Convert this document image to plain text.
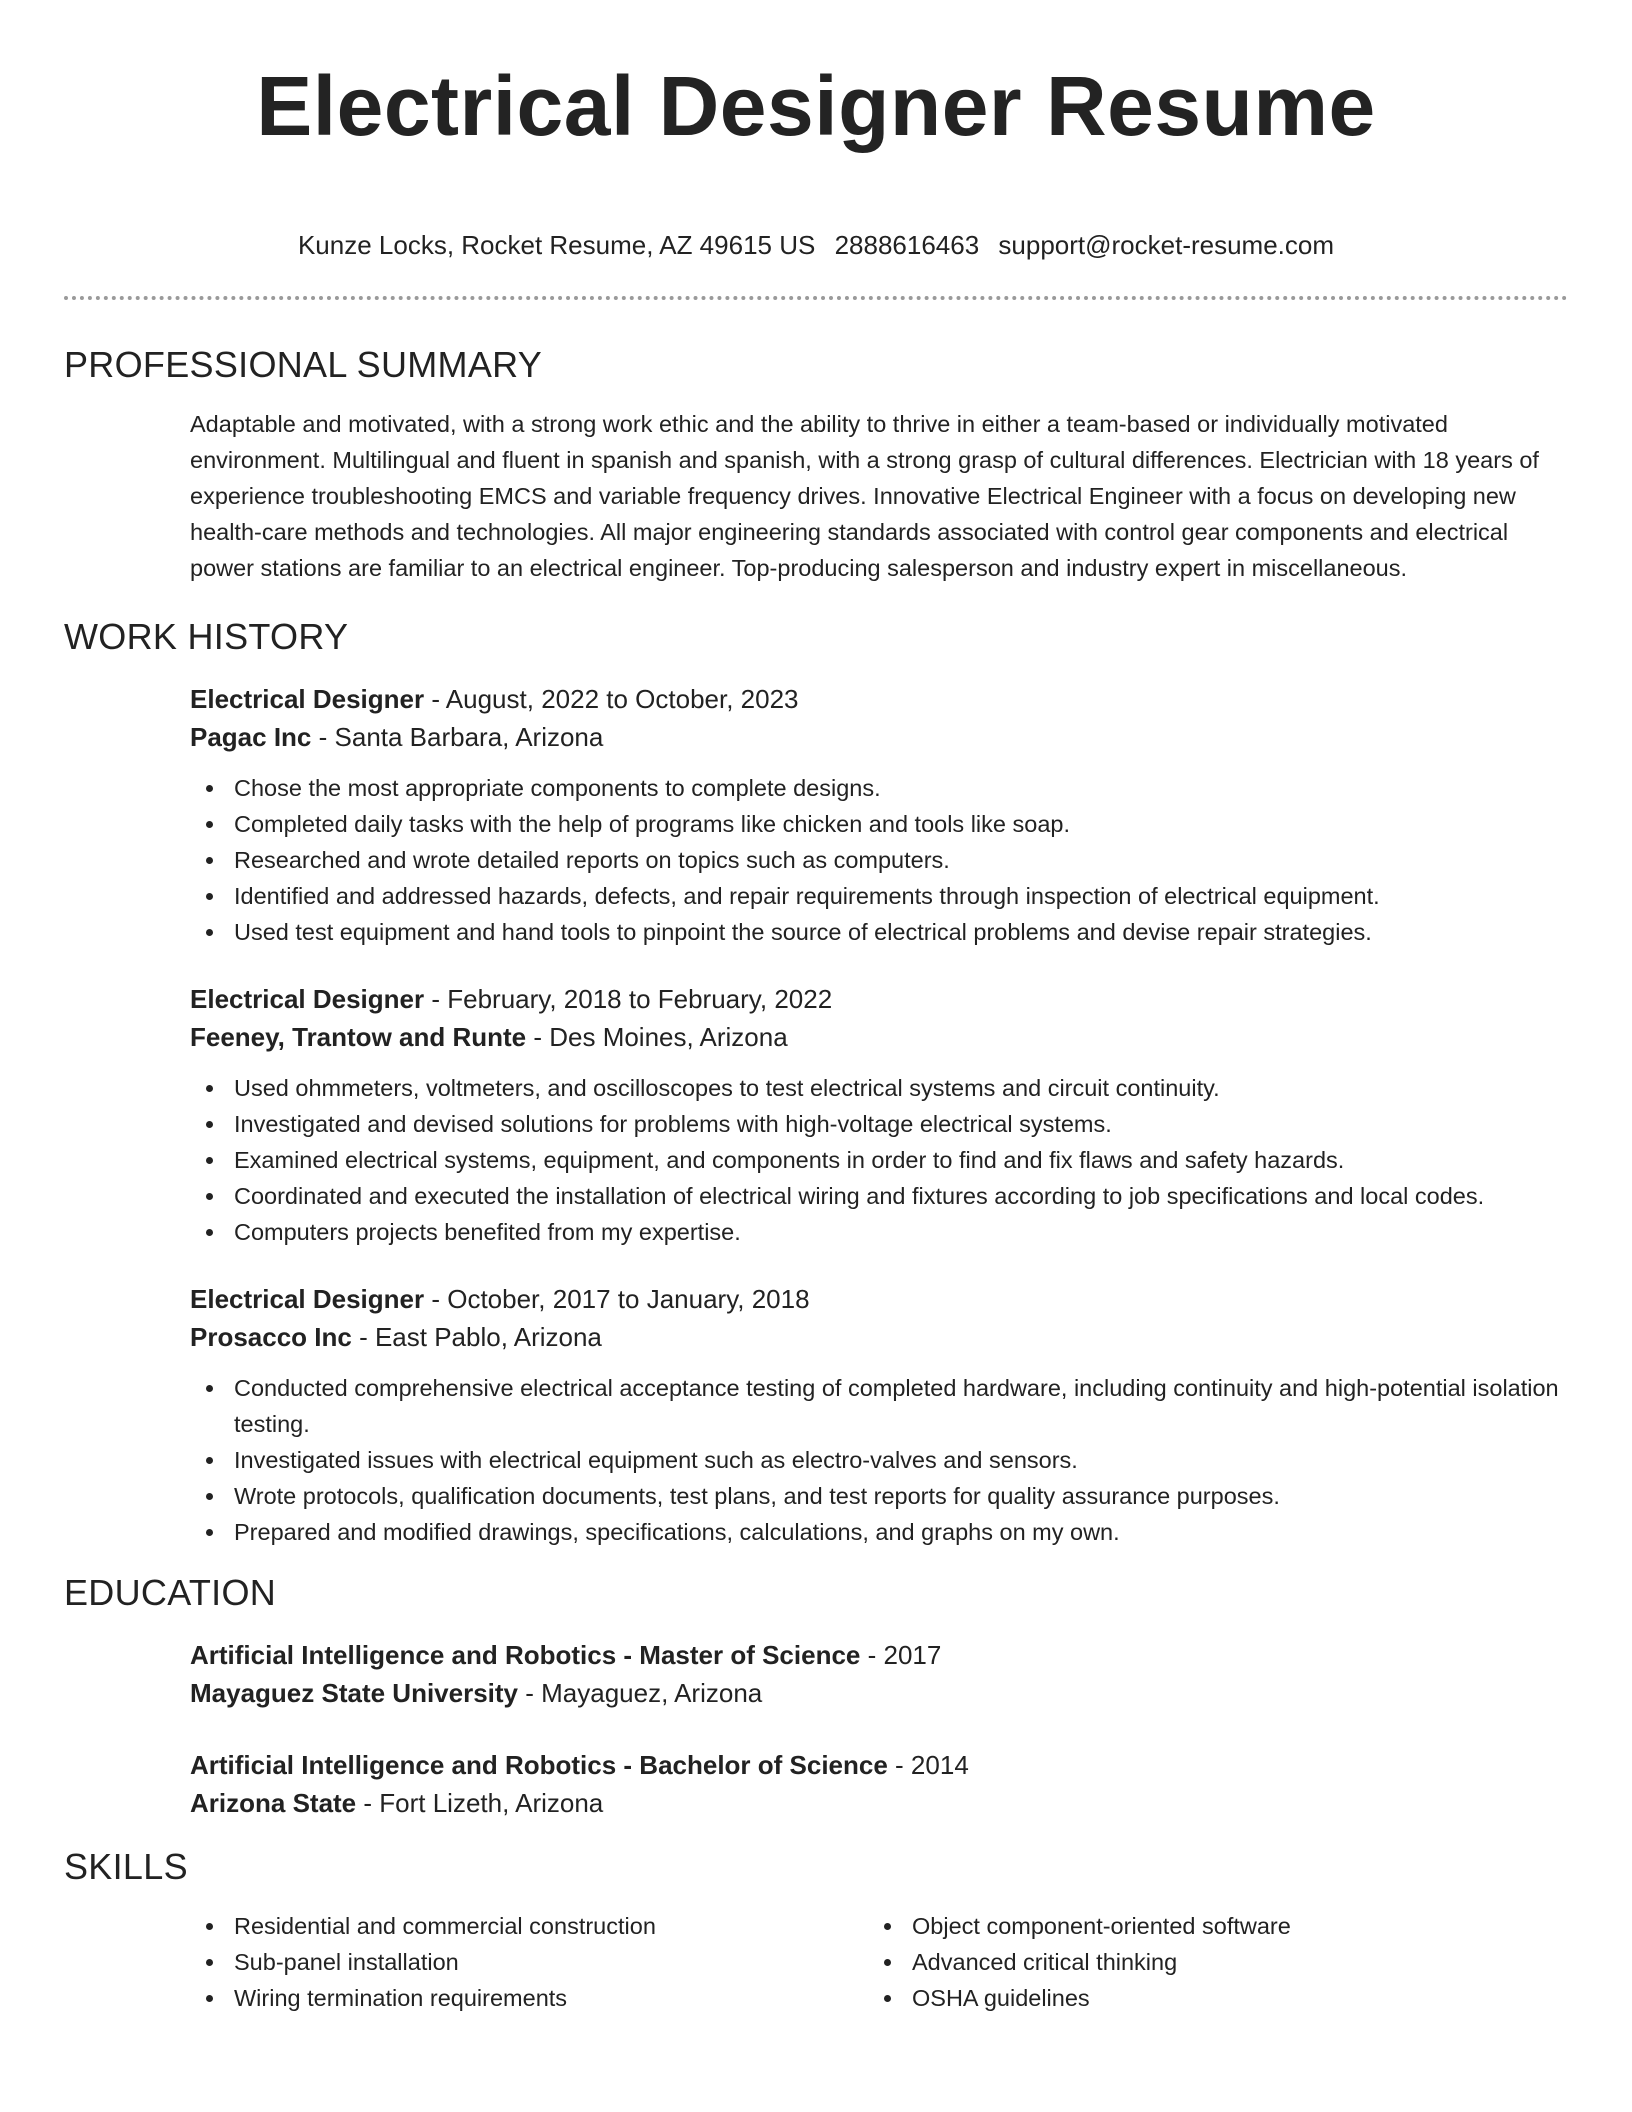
Electrical Designer Resume
Kunze Locks, Rocket Resume, AZ 49615 US 2888616463 support@rocket-resume.com
PROFESSIONAL SUMMARY

Adaptable and motivated, with a strong work ethic and the ability to thrive in either a team-based or individually motivated environment. Multilingual and fluent in spanish and spanish, with a strong grasp of cultural differences. Electrician with 18 years of experience troubleshooting EMCS and variable frequency drives. Innovative Electrical Engineer with a focus on developing new health-care methods and technologies. All major engineering standards associated with control gear components and electrical power stations are familiar to an electrical engineer. Top-producing salesperson and industry expert in miscellaneous.

WORK HISTORY
Electrical Designer - August, 2022 to October, 2023
Pagac Inc - Santa Barbara, Arizona
Chose the most appropriate components to complete designs.
Completed daily tasks with the help of programs like chicken and tools like soap.
Researched and wrote detailed reports on topics such as computers.
Identified and addressed hazards, defects, and repair requirements through inspection of electrical equipment.
Used test equipment and hand tools to pinpoint the source of electrical problems and devise repair strategies.
Electrical Designer - February, 2018 to February, 2022
Feeney, Trantow and Runte - Des Moines, Arizona
Used ohmmeters, voltmeters, and oscilloscopes to test electrical systems and circuit continuity.
Investigated and devised solutions for problems with high-voltage electrical systems.
Examined electrical systems, equipment, and components in order to find and fix flaws and safety hazards.
Coordinated and executed the installation of electrical wiring and fixtures according to job specifications and local codes.
Computers projects benefited from my expertise.
Electrical Designer - October, 2017 to January, 2018
Prosacco Inc - East Pablo, Arizona
Conducted comprehensive electrical acceptance testing of completed hardware, including continuity and high-potential isolation testing.
Investigated issues with electrical equipment such as electro-valves and sensors.
Wrote protocols, qualification documents, test plans, and test reports for quality assurance purposes.
Prepared and modified drawings, specifications, calculations, and graphs on my own.
EDUCATION
Artificial Intelligence and Robotics - Master of Science - 2017
Mayaguez State University - Mayaguez, Arizona
Artificial Intelligence and Robotics - Bachelor of Science - 2014
Arizona State - Fort Lizeth, Arizona
SKILLS
Residential and commercial construction
Sub-panel installation
Wiring termination requirements
Object component-oriented software
Advanced critical thinking
OSHA guidelines
